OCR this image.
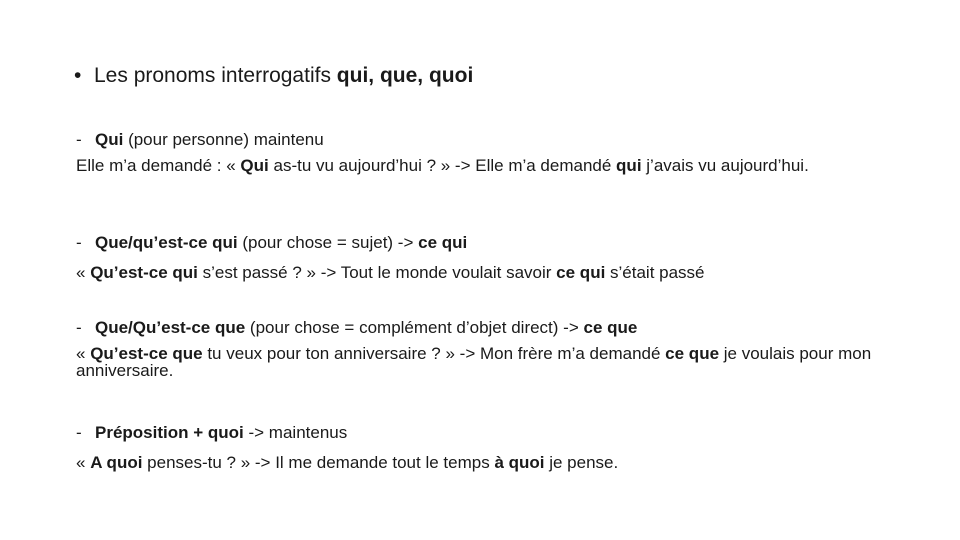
• Les pronoms interrogatifs qui, que, quoi

- Qui (pour personne) maintenu

Elle m’a demandé : « Qui as-tu vu aujourd’hui ? » -> Elle m’a demandé qui j’avais vu aujourd’hui.

- Que/qu’est-ce qui (pour chose = sujet) -> ce qui

« Qu’est-ce qui s’est passé ? » -> Tout le monde voulait savoir ce qui s’était passé

- Que/Qu’est-ce que (pour chose = complément d’objet direct) -> ce que

« Qu’est-ce que tu veux pour ton anniversaire ? » -> Mon frère m’a demandé ce que je voulais pour mon anniversaire.

- Préposition + quoi -> maintenus

« A quoi penses-tu ? » -> Il me demande tout le temps à quoi je pense.
